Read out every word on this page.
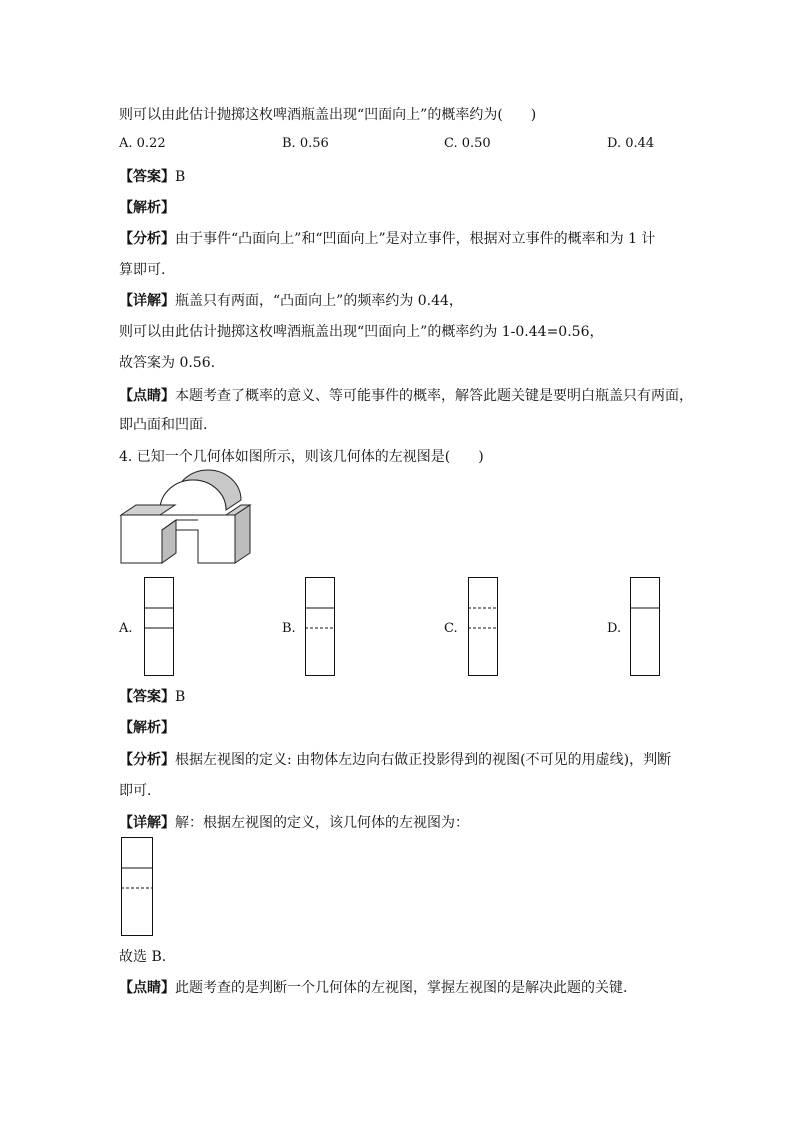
则可以由此估计抛掷这枚啤酒瓶盖出现“凹面向上”的概率约为(　　)
A. 0.22	B. 0.56	C. 0.50	D. 0.44
【答案】B
【解析】
【分析】由于事件“凸面向上”和“凹面向上”是对立事件，根据对立事件的概率和为 1 计
算即可.
【详解】瓶盖只有两面，“凸面向上”的频率约为 0.44，
则可以由此估计抛掷这枚啤酒瓶盖出现“凹面向上”的概率约为 1-0.44=0.56，
故答案为 0.56.
【点睛】本题考查了概率的意义、等可能事件的概率，解答此题关键是要明白瓶盖只有两面，
即凸面和凹面.
4. 已知一个几何体如图所示，则该几何体的左视图是(　　)
A.	B.	C.	D.
【答案】B
【解析】
【分析】根据左视图的定义: 由物体左边向右做正投影得到的视图(不可见的用虚线)，判断
即可.
【详解】解：根据左视图的定义，该几何体的左视图为：
故选 B.
【点睛】此题考查的是判断一个几何体的左视图，掌握左视图的是解决此题的关键.
